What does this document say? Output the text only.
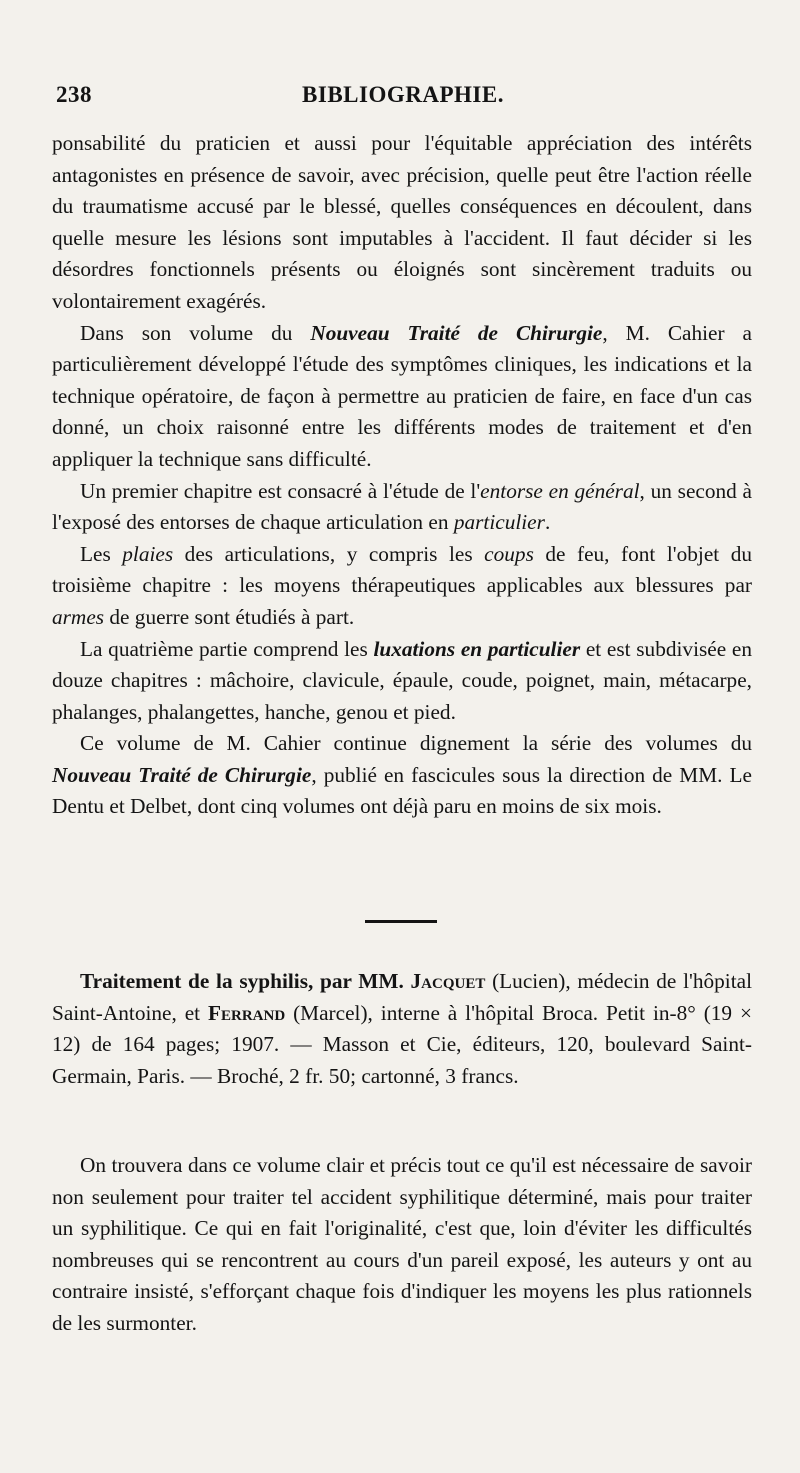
238	BIBLIOGRAPHIE.

ponsabilité du praticien et aussi pour l'équitable appréciation des intérêts antagonistes en présence de savoir, avec précision, quelle peut être l'action réelle du traumatisme accusé par le blessé, quelles conséquences en découlent, dans quelle mesure les lésions sont imputables à l'accident. Il faut décider si les désordres fonctionnels présents ou éloignés sont sincèrement traduits ou volontairement exagérés.

Dans son volume du Nouveau Traité de Chirurgie, M. Cahier a particulièrement développé l'étude des symptômes cliniques, les indications et la technique opératoire, de façon à permettre au praticien de faire, en face d'un cas donné, un choix raisonné entre les différents modes de traitement et d'en appliquer la technique sans difficulté.

Un premier chapitre est consacré à l'étude de l'entorse en général, un second à l'exposé des entorses de chaque articulation en particulier.

Les plaies des articulations, y compris les coups de feu, font l'objet du troisième chapitre : les moyens thérapeutiques applicables aux blessures par armes de guerre sont étudiés à part.

La quatrième partie comprend les luxations en particulier et est subdivisée en douze chapitres : mâchoire, clavicule, épaule, coude, poignet, main, métacarpe, phalanges, phalangettes, hanche, genou et pied.

Ce volume de M. Cahier continue dignement la série des volumes du Nouveau Traité de Chirurgie, publié en fascicules sous la direction de MM. Le Dentu et Delbet, dont cinq volumes ont déjà paru en moins de six mois.

Traitement de la syphilis, par MM. Jacquet (Lucien), médecin de l'hôpital Saint-Antoine, et Ferrand (Marcel), interne à l'hôpital Broca. Petit in-8° (19 × 12) de 164 pages; 1907. — Masson et Cie, éditeurs, 120, boulevard Saint-Germain, Paris. — Broché, 2 fr. 50; cartonné, 3 francs.

On trouvera dans ce volume clair et précis tout ce qu'il est nécessaire de savoir non seulement pour traiter tel accident syphilitique déterminé, mais pour traiter un syphilitique. Ce qui en fait l'originalité, c'est que, loin d'éviter les difficultés nombreuses qui se rencontrent au cours d'un pareil exposé, les auteurs y ont au contraire insisté, s'efforçant chaque fois d'indiquer les moyens les plus rationnels de les surmonter.
